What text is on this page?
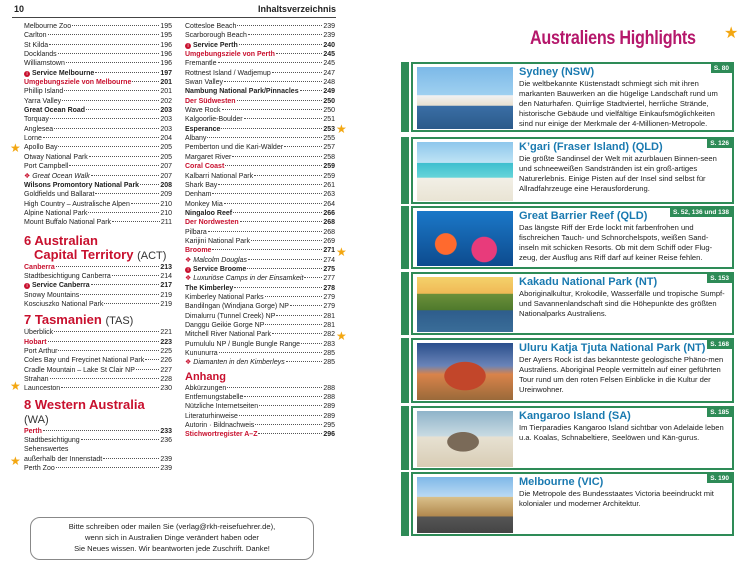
10	Inhaltsverzeichnis
Melbourne Zoo	195
Carlton	195
St Kilda	196
Docklands	196
Williamstown	196
i Service Melbourne	197
Umgebungsziele von Melbourne	201
Phillip Island	201
Yarra Valley	202
Great Ocean Road	203
Torquay	203
Anglesea	203
Lorne	204
Apollo Bay	205
Otway National Park	205
Port Campbell	207
❖ Great Ocean Walk	207
Wilsons Promontory National Park	208
Goldfields und Ballarat	209
High Country – Australische Alpen	210
Alpine National Park	210
Mount Buffalo National Park	211
6 Australian
Capital Territory (ACT)
Canberra	213
Stadtbesichtigung Canberra	214
i Service Canberra	217
Snowy Mountains	219
Kosciuszko National Park	219
7 Tasmanien (TAS)
Überblick	221
Hobart	223
Port Arthur	225
Coles Bay und Freycinet National Park 226
Cradle Mountain – Lake St Clair NP	227
Strahan	228
Launceston	230
8 Western Australia (WA)
Perth	233
Stadtbesichtigung	236
Sehenswertes
außerhalb der Innenstadt	239
Perth Zoo	239
Cottesloe Beach	239
Scarborough Beach	239
i Service Perth	240
Umgebungsziele von Perth	245
Fremantle	245
Rottnest Island / Wadjemup	247
Swan Valley	248
Nambung National Park/Pinnacles	249
Der Südwesten	250
Wave Rock	250
Kalgoorlie-Boulder	251
Esperance	253
Albany	255
Pemberton und die Kari-Wälder	257
Margaret River	258
Coral Coast	259
Kalbarri National Park	259
Shark Bay	261
Denham	263
Monkey Mia	264
Ningaloo Reef	266
Der Nordwesten	268
Pilbara	268
Karijini National Park	269
Broome	271
❖ Malcolm Douglas	274
i Service Broome	275
❖ Luxuriöse Camps in der Einsamkeit	277
The Kimberley	278
Kimberley National Parks	279
Bandilngan (Windjana Gorge) NP	279
Dimalurru (Tunnel Creek) NP	281
Danggu Geikie Gorge NP	281
Mitchell River National Park	282
Purnululu NP / Bungle Bungle Range	283
Kununurra	285
❖ Diamanten in den Kimberleys	285
Anhang
Abkürzungen	288
Entfernungstabelle	288
Nützliche Internetseiten	289
Literaturhinweise	289
Autorin · Bildnachweis	295
Stichwortregister A–Z	296
★
★
★
★
★
★
Bitte schreiben oder mailen Sie (verlag@rkh-reisefuehrer.de),
wenn sich in Australien Dinge verändert haben oder
Sie Neues wissen. Wir beantworten jede Zuschrift. Danke!
Australiens Highlights ★
S. 80
Sydney (NSW)
Die weltbekannte Küstenstadt schmiegt sich mit ihren markanten Bauwerken an die hügelige Landschaft rund um den Naturhafen. Quirrlige Stadtviertel, herrliche Strände, historische Gebäude und vielfältige Einkaufsmöglichkeiten sind nur einige der Merkmale der 4-Millionen-Metropole.
S. 126
K’gari (Fraser Island) (QLD)
Die größte Sandinsel der Welt mit azurblauen Binnen-seen und schneeweißen Sandstränden ist ein groß-artiges Naturerlebnis. Einige Pisten auf der Insel sind selbst für Allradfahrzeuge eine Herausforderung.
S. 52, 136 und 138
Great Barrier Reef (QLD)
Das längste Riff der Erde lockt mit farbenfrohen und fischreichen Tauch- und Schnorchelspots, weißen Sand-inseln mit schicken Resorts. Ob mit dem Schiff oder Flug-zeug, der Ausflug ans Riff darf auf keiner Reise fehlen.
S. 153
Kakadu National Park (NT)
Aboriginalkultur, Krokodile, Wasserfälle und tropische Sumpf- und Savannenlandschaft sind die Höhepunkte des größten Nationalparks Australiens.
S. 168
Uluru Katja Tjuta National Park (NT)
Der Ayers Rock ist das bekannteste geologische Phäno-men Australiens. Aboriginal People vermitteln auf einer geführten Tour rund um den roten Felsen Einblicke in die Kultur der Ureinwohner.
S. 185
Kangaroo Island (SA)
Im Tierparadies Kangaroo Island sichtbar von Adelaide leben u.a. Koalas, Schnabeltiere, Seelöwen und Kän-gurus.
S. 190
Melbourne (VIC)
Die Metropole des Bundesstaates Victoria beeindruckt mit kolonialer und moderner Architektur.
